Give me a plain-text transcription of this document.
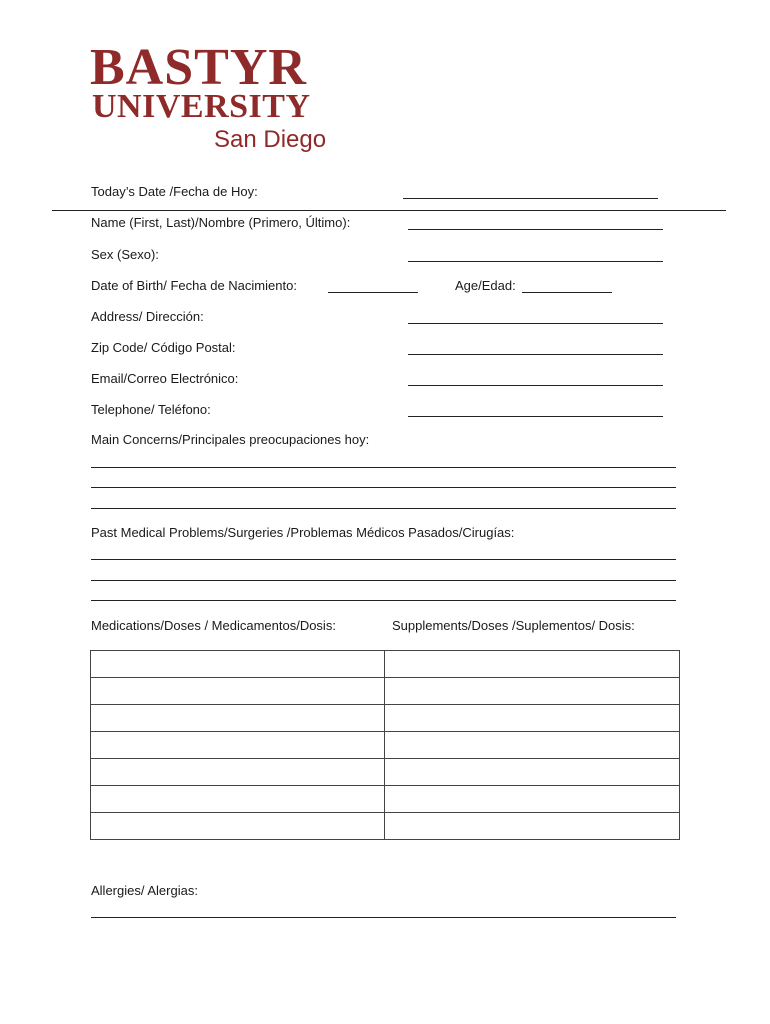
BASTYR
UNIVERSITY
San Diego
Today’s Date /Fecha de Hoy:
Name (First, Last)/Nombre (Primero, Último):
Sex (Sexo):
Date of Birth/ Fecha de Nacimiento:	Age/Edad:
Address/ Dirección:
Zip Code/ Código Postal:
Email/Correo Electrónico:
Telephone/ Teléfono:
Main Concerns/Principales preocupaciones hoy:
Past Medical Problems/Surgeries /Problemas Médicos Pasados/Cirugías:
Medications/Doses / Medicamentos/Dosis:	Supplements/Doses /Suplementos/ Dosis:

Allergies/ Alergias:
